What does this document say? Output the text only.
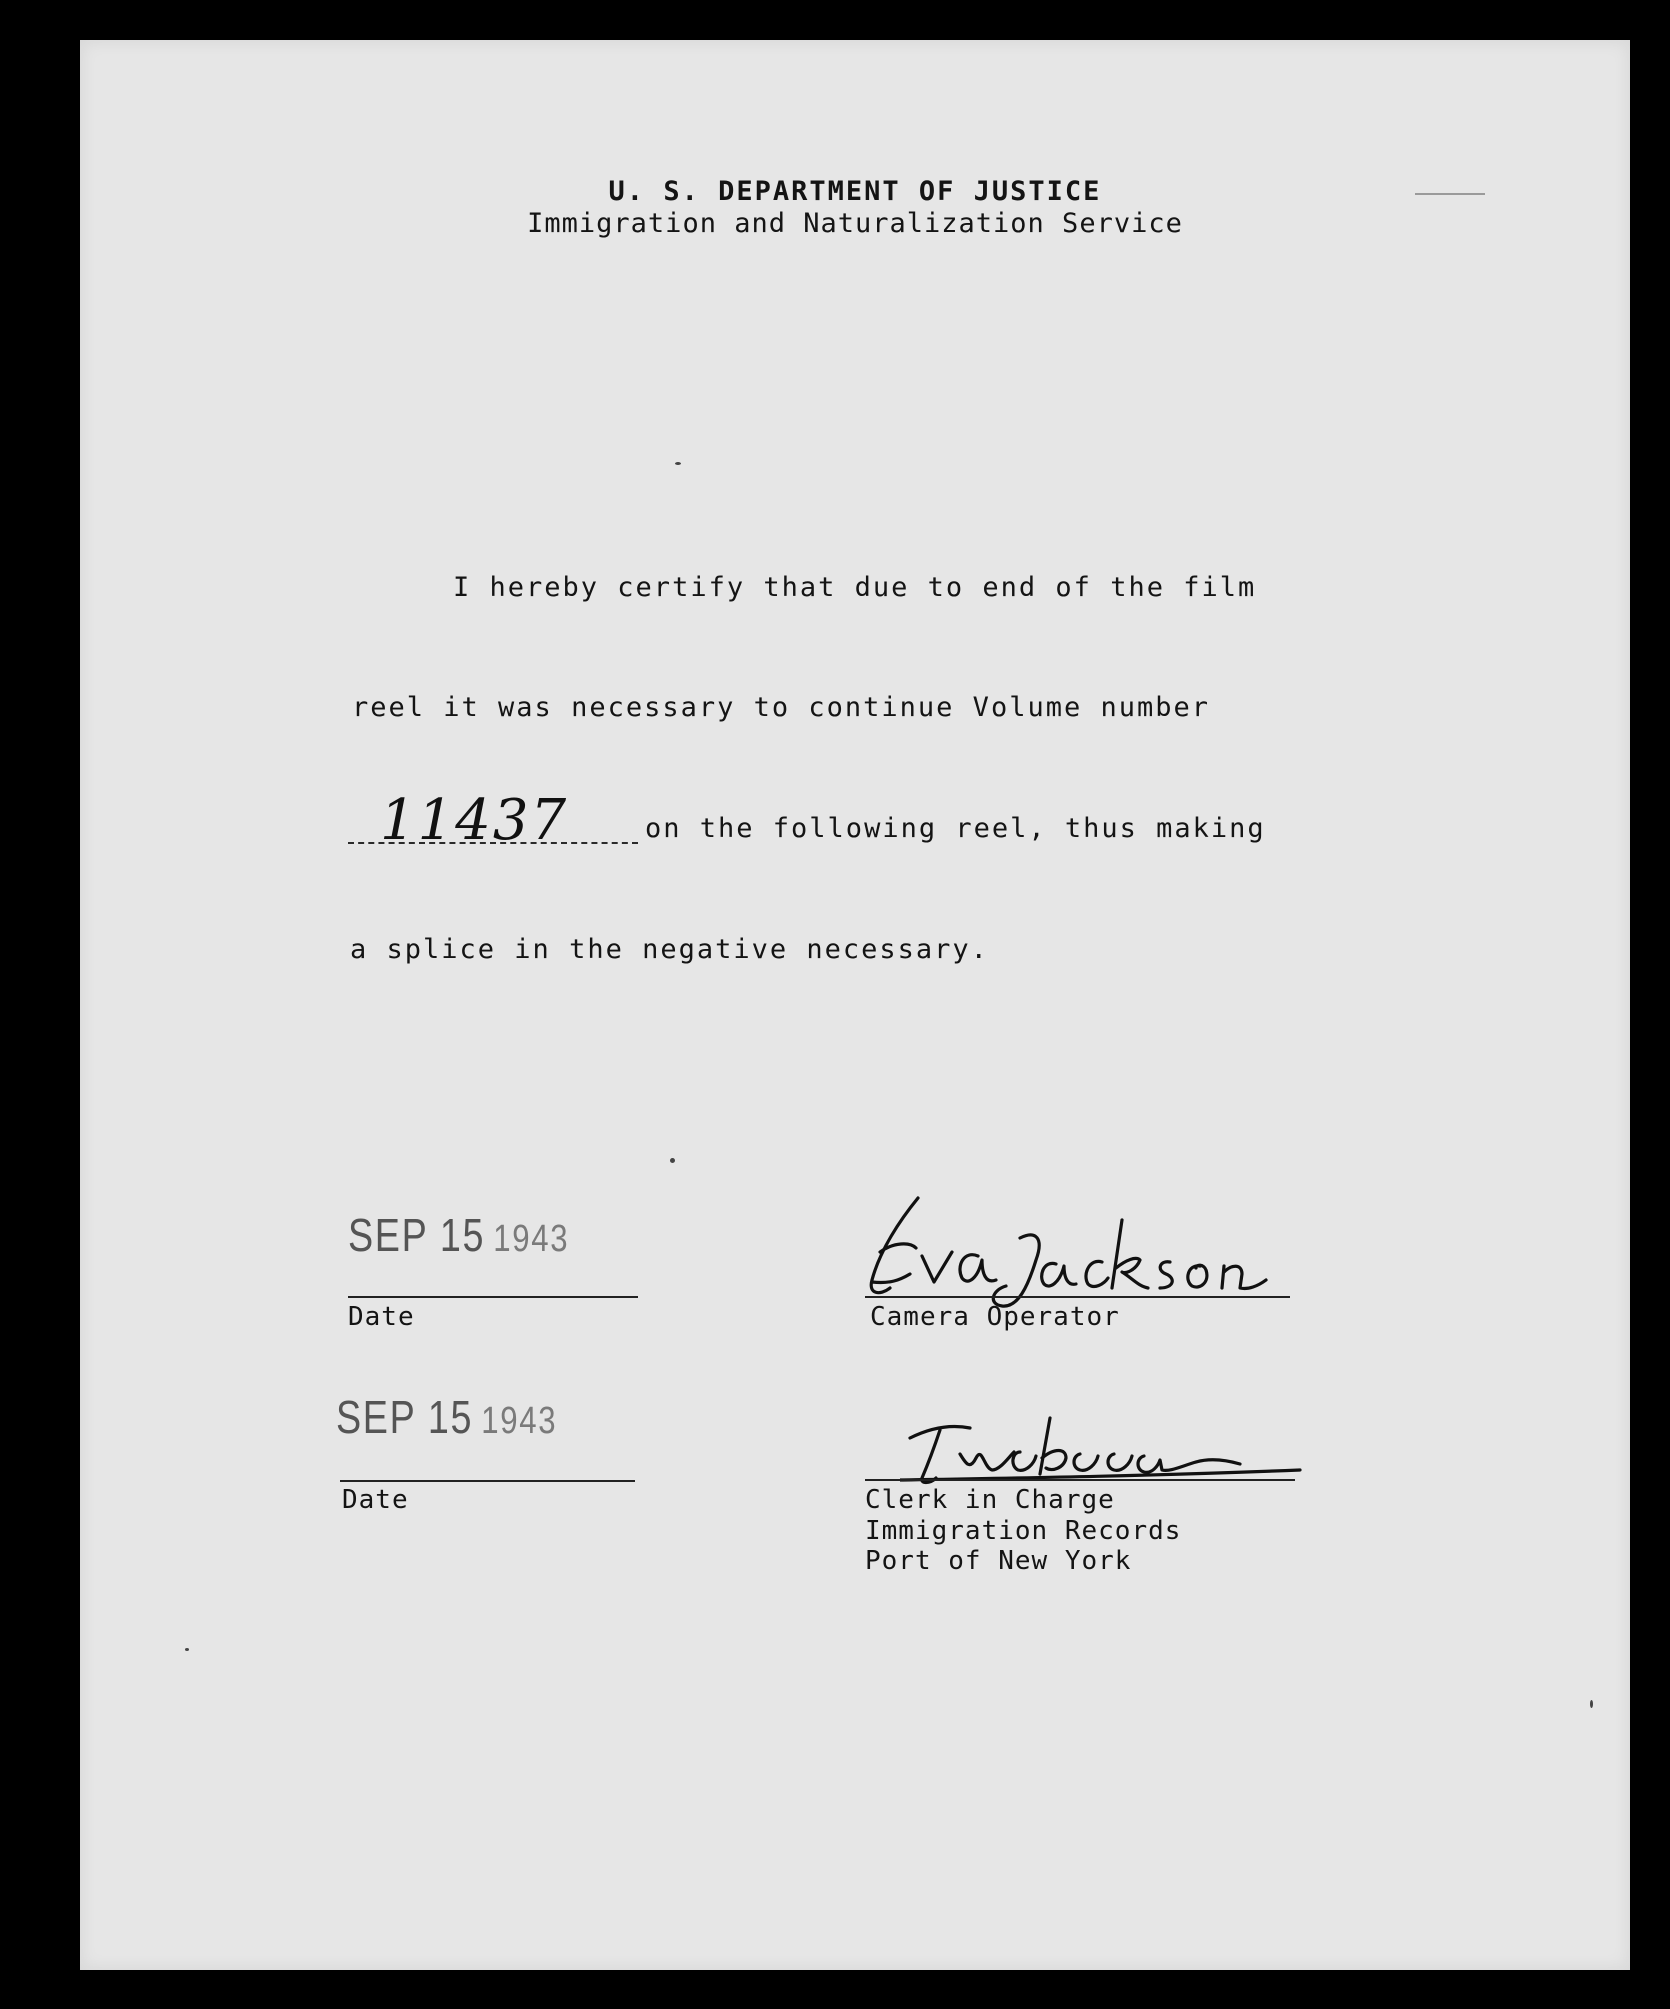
U. S. DEPARTMENT OF JUSTICE
Immigration and Naturalization Service
I hereby certify that due to end of the film
reel it was necessary to continue Volume number
11437	on the following reel, thus making
a splice in the negative necessary.
SEP 15 1943
Date
SEP 15 1943
Date
Camera Operator
Clerk in Charge
Immigration Records
Port of New York
